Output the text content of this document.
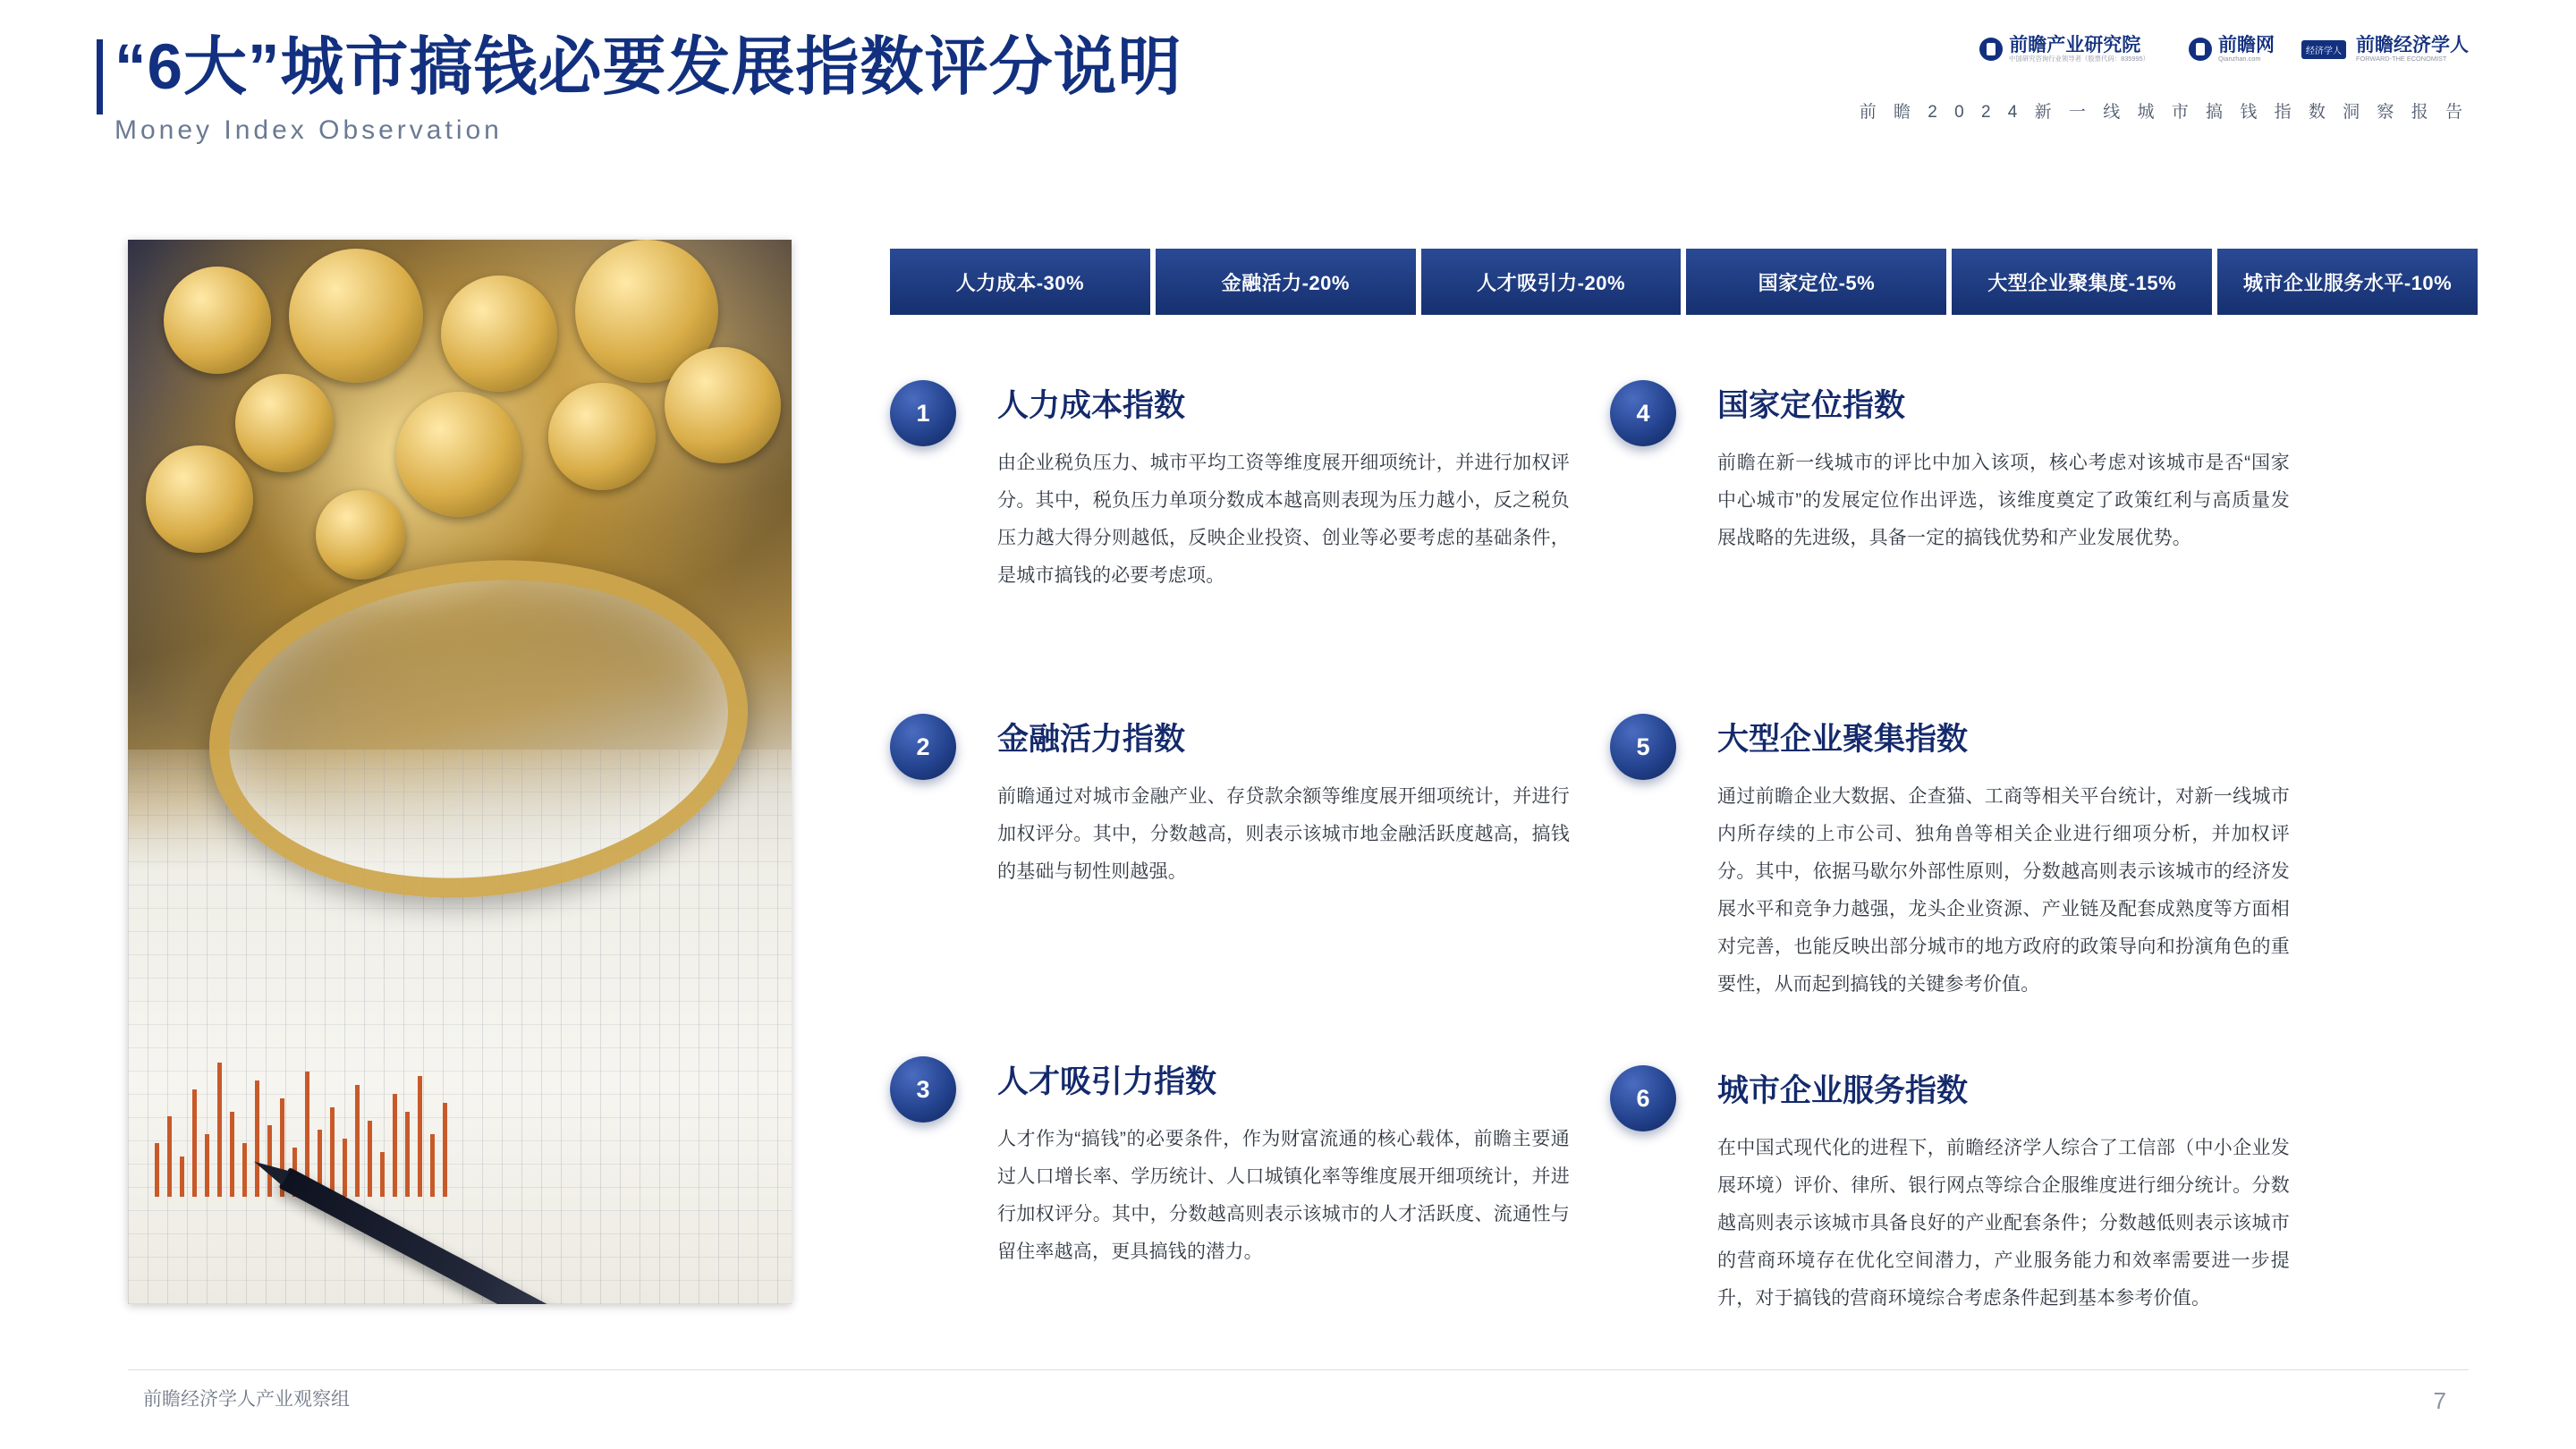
“6大”城市搞钱必要发展指数评分说明
Money Index Observation
前瞻产业研究院
中国研究咨询行业领导者（股票代码：835995）
前瞻网
Qianzhan.com
经济学人 前瞻经济学人
FORWARD-THE ECONOMIST
前 瞻 2 0 2 4 新 一 线 城 市 搞 钱 指 数 洞 察 报 告
人力成本-30%	金融活力-20%	人才吸引力-20%	国家定位-5%	大型企业聚集度-15%	城市企业服务水平-10%
1	人力成本指数
由企业税负压力、城市平均工资等维度展开细项统计，并进行加权评分。其中，税负压力单项分数成本越高则表现为压力越小，反之税负压力越大得分则越低，反映企业投资、创业等必要考虑的基础条件，是城市搞钱的必要考虑项。
2	金融活力指数
前瞻通过对城市金融产业、存贷款余额等维度展开细项统计，并进行加权评分。其中，分数越高，则表示该城市地金融活跃度越高，搞钱的基础与韧性则越强。
3	人才吸引力指数
人才作为“搞钱”的必要条件，作为财富流通的核心载体，前瞻主要通过人口增长率、学历统计、人口城镇化率等维度展开细项统计，并进行加权评分。其中，分数越高则表示该城市的人才活跃度、流通性与留住率越高，更具搞钱的潜力。
4	国家定位指数
前瞻在新一线城市的评比中加入该项，核心考虑对该城市是否“国家中心城市”的发展定位作出评选，该维度奠定了政策红利与高质量发展战略的先进级，具备一定的搞钱优势和产业发展优势。
5	大型企业聚集指数
通过前瞻企业大数据、企查猫、工商等相关平台统计，对新一线城市内所存续的上市公司、独角兽等相关企业进行细项分析，并加权评分。其中，依据马歇尔外部性原则，分数越高则表示该城市的经济发展水平和竞争力越强，龙头企业资源、产业链及配套成熟度等方面相对完善，也能反映出部分城市的地方政府的政策导向和扮演角色的重要性，从而起到搞钱的关键参考价值。
6	城市企业服务指数
在中国式现代化的进程下，前瞻经济学人综合了工信部（中小企业发展环境）评价、律所、银行网点等综合企服维度进行细分统计。分数越高则表示该城市具备良好的产业配套条件；分数越低则表示该城市的营商环境存在优化空间潜力，产业服务能力和效率需要进一步提升，对于搞钱的营商环境综合考虑条件起到基本参考价值。
前瞻经济学人产业观察组	7
